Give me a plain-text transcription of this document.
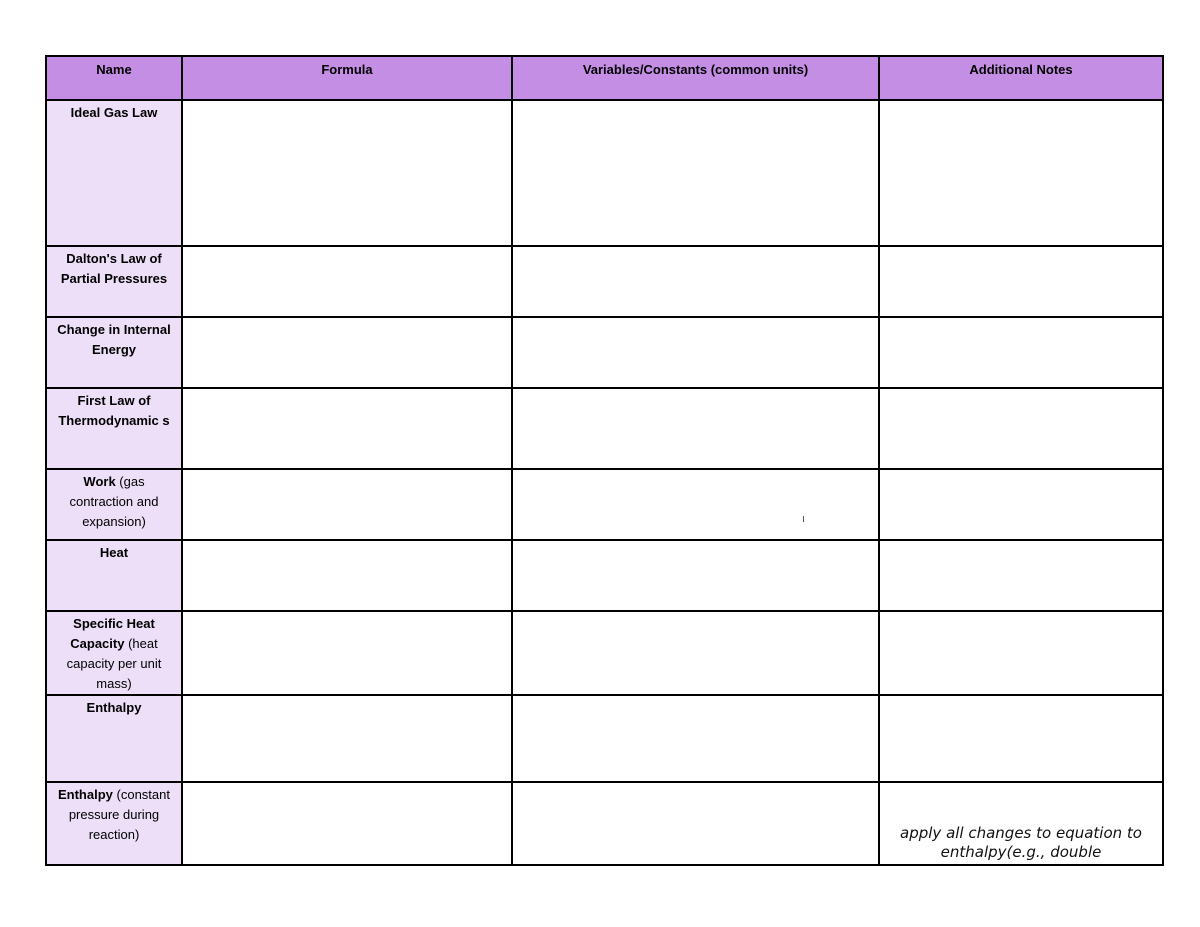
Name	Formula	Variables/Constants (common units)	Additional Notes
Ideal Gas Law			
Dalton's Law of Partial Pressures			
Change in Internal Energy			
First Law of Thermodynamic s			
Work (gas contraction and expansion)			
Heat			
Specific Heat Capacity (heat capacity per unit mass)			
Enthalpy			
Enthalpy (constant pressure during reaction)			apply all changes to equation to enthalpy(e.g., double
